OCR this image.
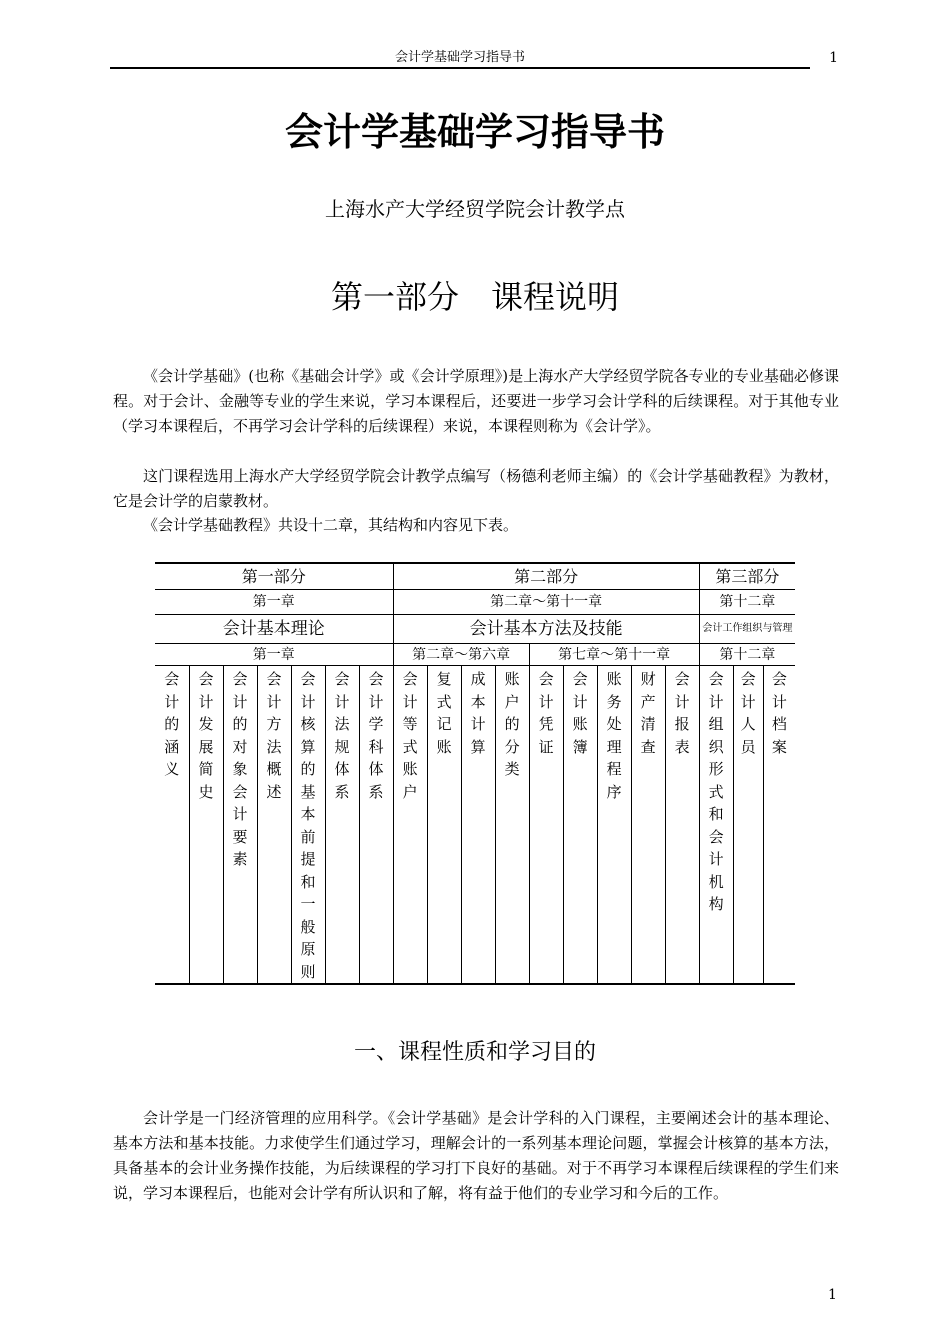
会计学基础学习指导书	1
会计学基础学习指导书
上海水产大学经贸学院会计教学点
第一部分　课程说明

《会计学基础》(也称《基础会计学》或《会计学原理》)是上海水产大学经贸学院各专业的专业基础必修课程。对于会计、金融等专业的学生来说，学习本课程后，还要进一步学习会计学科的后续课程。对于其他专业（学习本课程后，不再学习会计学科的后续课程）来说，本课程则称为《会计学》。

这门课程选用上海水产大学经贸学院会计教学点编写（杨德利老师主编）的《会计学基础教程》为教材，它是会计学的启蒙教材。

《会计学基础教程》共设十二章，其结构和内容见下表。

第一部分							第二部分									第三部分		
第一章							第二章～第十一章									第十二章		
会计基本理论							会计基本方法及技能									会计工作组织与管理		
第一章							第二章～第六章				第七章～第十一章					第十二章		

会计的涵义	会计发展简史	会计的对象　会计要素	会计方法概述	会计核算的基本前提和一般原则	会计法规体系	会计学科体系	会计等式　账户	复式记账	成本计算	账户的分类	会计凭证	会计账簿	账务处理程序	财产清查	会计报表	会计组织形式和会计机构	会计人员	会计档案
一、课程性质和学习目的

会计学是一门经济管理的应用科学。《会计学基础》是会计学科的入门课程，主要阐述会计的基本理论、基本方法和基本技能。力求使学生们通过学习，理解会计的一系列基本理论问题，掌握会计核算的基本方法，具备基本的会计业务操作技能，为后续课程的学习打下良好的基础。对于不再学习本课程后续课程的学生们来说，学习本课程后，也能对会计学有所认识和了解，将有益于他们的专业学习和今后的工作。

1
